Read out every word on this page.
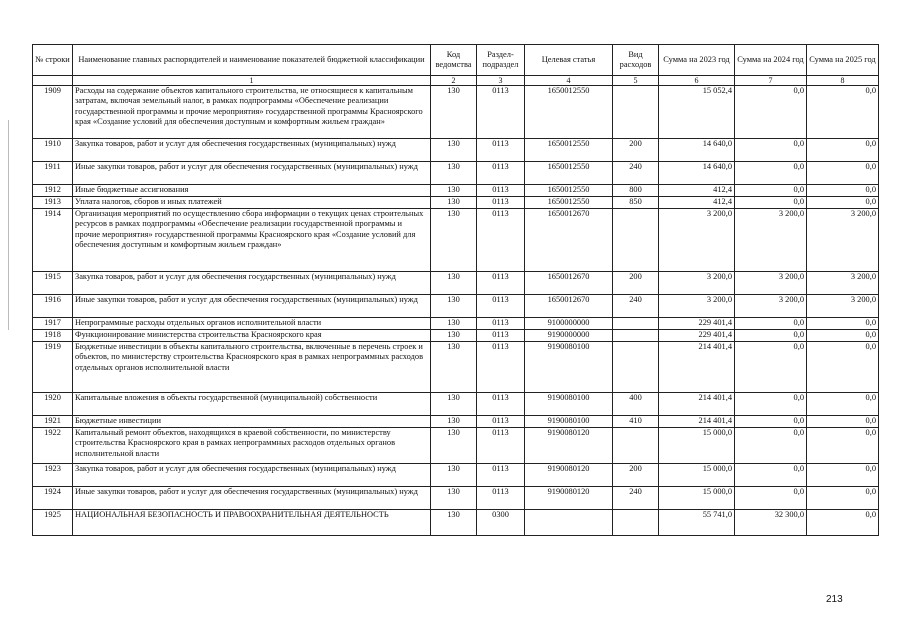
№ строки	Наименование главных распорядителей и наименование показателей бюджетной классификации	Код ведомства	Раздел-подраздел	Целевая статья	Вид расходов	Сумма на 2023 год	Сумма на 2024 год	Сумма на 2025 год
	1	2	3	4	5	6	7	8
1909	Расходы на содержание объектов капитального строительства, не относящиеся к капитальным затратам, включая земельный налог, в рамках подпрограммы «Обеспечение реализации государственной программы и прочие мероприятия» государственной программы Красноярского края «Создание условий для обеспечения доступным и комфортным жильем граждан»	130	0113	1650012550		15 052,4	0,0	0,0
1910	Закупка товаров, работ и услуг для обеспечения государственных (муниципальных) нужд	130	0113	1650012550	200	14 640,0	0,0	0,0
1911	Иные закупки товаров, работ и услуг для обеспечения государственных (муниципальных) нужд	130	0113	1650012550	240	14 640,0	0,0	0,0
1912	Иные бюджетные ассигнования	130	0113	1650012550	800	412,4	0,0	0,0
1913	Уплата налогов, сборов и иных платежей	130	0113	1650012550	850	412,4	0,0	0,0
1914	Организация мероприятий по осуществлению сбора информации о текущих ценах строительных ресурсов в рамках подпрограммы «Обеспечение реализации государственной программы и прочие мероприятия» государственной программы Красноярского края «Создание условий для обеспечения доступным и комфортным жильем граждан»	130	0113	1650012670		3 200,0	3 200,0	3 200,0
1915	Закупка товаров, работ и услуг для обеспечения государственных (муниципальных) нужд	130	0113	1650012670	200	3 200,0	3 200,0	3 200,0
1916	Иные закупки товаров, работ и услуг для обеспечения государственных (муниципальных) нужд	130	0113	1650012670	240	3 200,0	3 200,0	3 200,0
1917	Непрограммные расходы отдельных органов исполнительной власти	130	0113	9100000000		229 401,4	0,0	0,0
1918	Функционирование министерства строительства Красноярского края	130	0113	9190000000		229 401,4	0,0	0,0
1919	Бюджетные инвестиции в объекты капитального строительства, включенные в перечень строек и объектов, по министерству строительства Красноярского края в рамках непрограммных расходов отдельных органов исполнительной власти	130	0113	9190080100		214 401,4	0,0	0,0
1920	Капитальные вложения в объекты государственной (муниципальной) собственности	130	0113	9190080100	400	214 401,4	0,0	0,0
1921	Бюджетные инвестиции	130	0113	9190080100	410	214 401,4	0,0	0,0
1922	Капитальный ремонт объектов, находящихся в краевой собственности, по министерству строительства Красноярского края в рамках непрограммных расходов отдельных органов исполнительной власти	130	0113	9190080120		15 000,0	0,0	0,0
1923	Закупка товаров, работ и услуг для обеспечения государственных (муниципальных) нужд	130	0113	9190080120	200	15 000,0	0,0	0,0
1924	Иные закупки товаров, работ и услуг для обеспечения государственных (муниципальных) нужд	130	0113	9190080120	240	15 000,0	0,0	0,0
1925	НАЦИОНАЛЬНАЯ БЕЗОПАСНОСТЬ И ПРАВООХРАНИТЕЛЬНАЯ ДЕЯТЕЛЬНОСТЬ	130	0300			55 741,0	32 300,0	0,0
213
